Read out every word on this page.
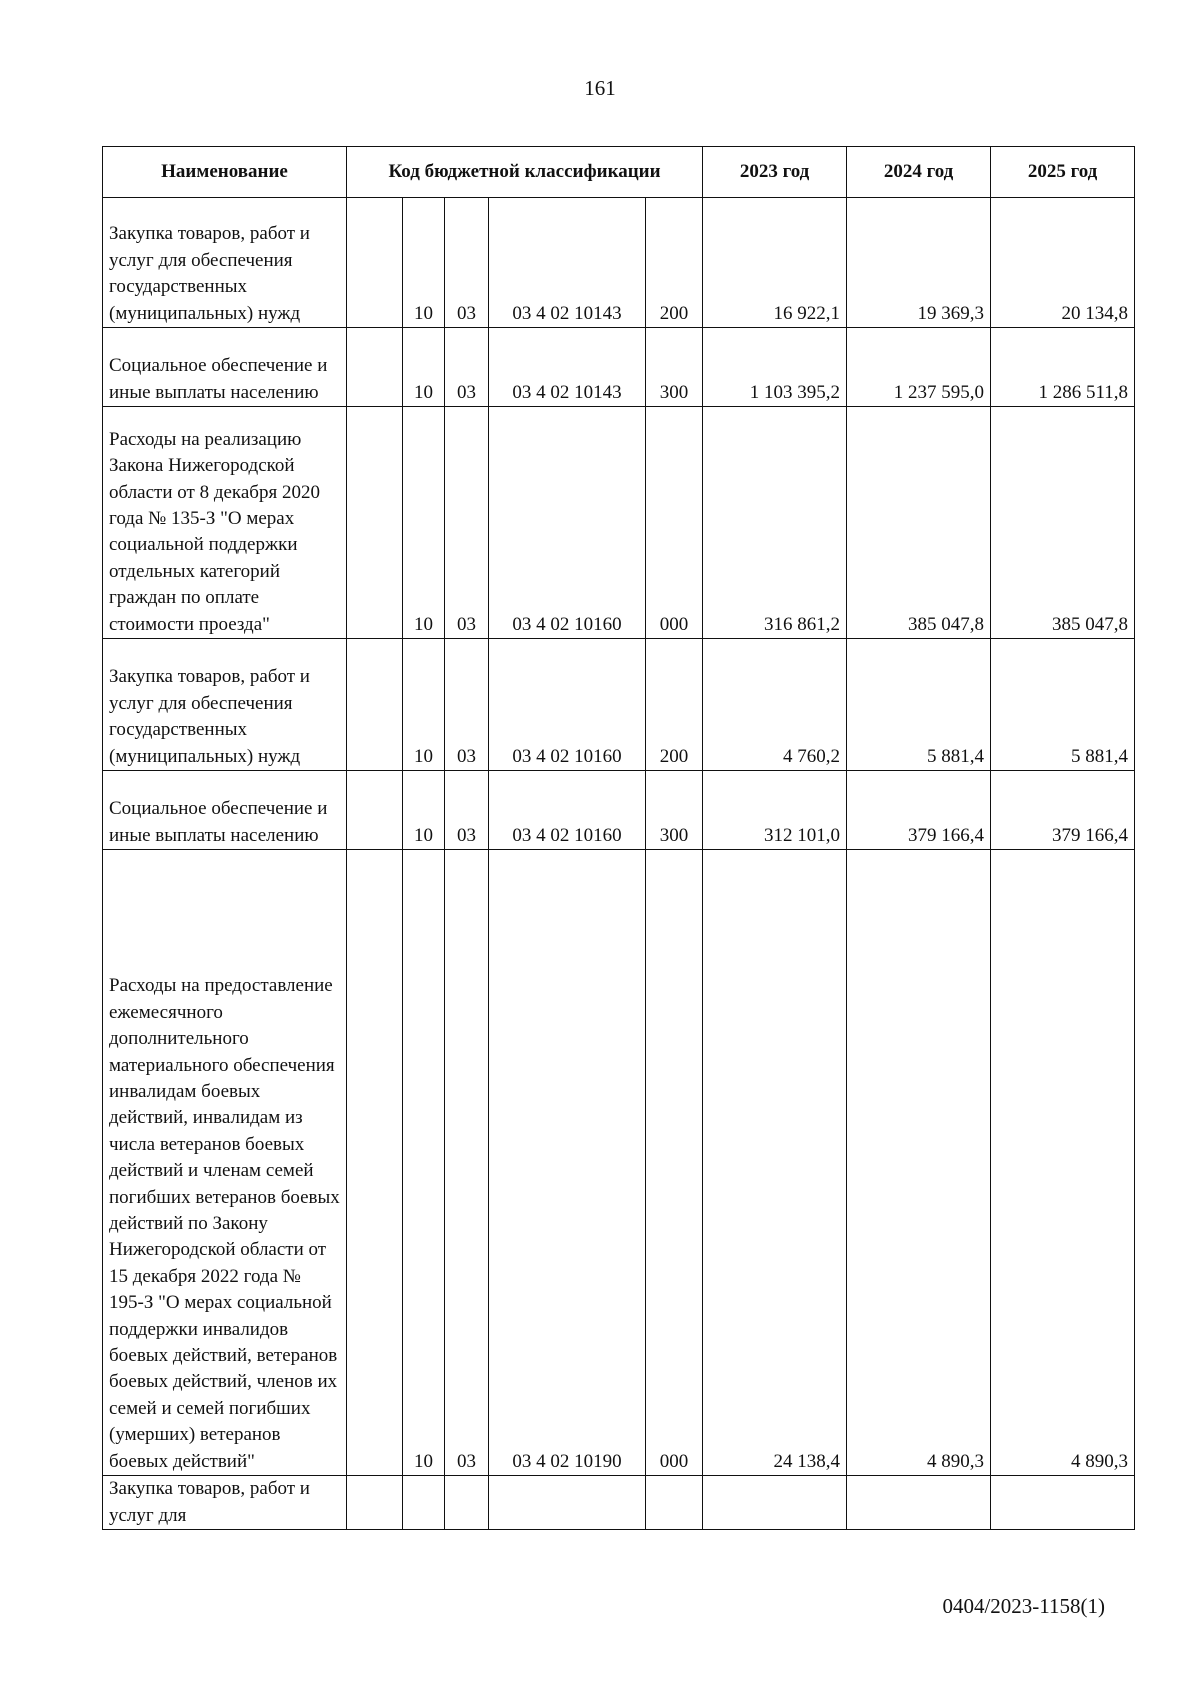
161
Наименование	Код бюджетной классификации					2023 год	2024 год	2025 год
Закупка товаров, работ и услуг для обеспечения государственных (муниципальных) нужд		10	03	03 4 02 10143	200	16 922,1	19 369,3	20 134,8
Социальное обеспечение и иные выплаты населению		10	03	03 4 02 10143	300	1 103 395,2	1 237 595,0	1 286 511,8
Расходы на реализацию Закона Нижегородской области от 8 декабря 2020 года № 135-З "О мерах социальной поддержки отдельных категорий граждан по оплате стоимости проезда"		10	03	03 4 02 10160	000	316 861,2	385 047,8	385 047,8
Закупка товаров, работ и услуг для обеспечения государственных (муниципальных) нужд		10	03	03 4 02 10160	200	4 760,2	5 881,4	5 881,4
Социальное обеспечение и иные выплаты населению		10	03	03 4 02 10160	300	312 101,0	379 166,4	379 166,4
Расходы на предоставление ежемесячного дополнительного материального обеспечения инвалидам боевых действий, инвалидам из числа ветеранов боевых действий и членам семей погибших ветеранов боевых действий по Закону Нижегородской области от 15 декабря 2022 года № 195-З "О мерах социальной поддержки инвалидов боевых действий, ветеранов боевых действий, членов их семей и семей погибших (умерших) ветеранов боевых действий"		10	03	03 4 02 10190	000	24 138,4	4 890,3	4 890,3
Закупка товаров, работ и услуг для								
0404/2023-1158(1)
